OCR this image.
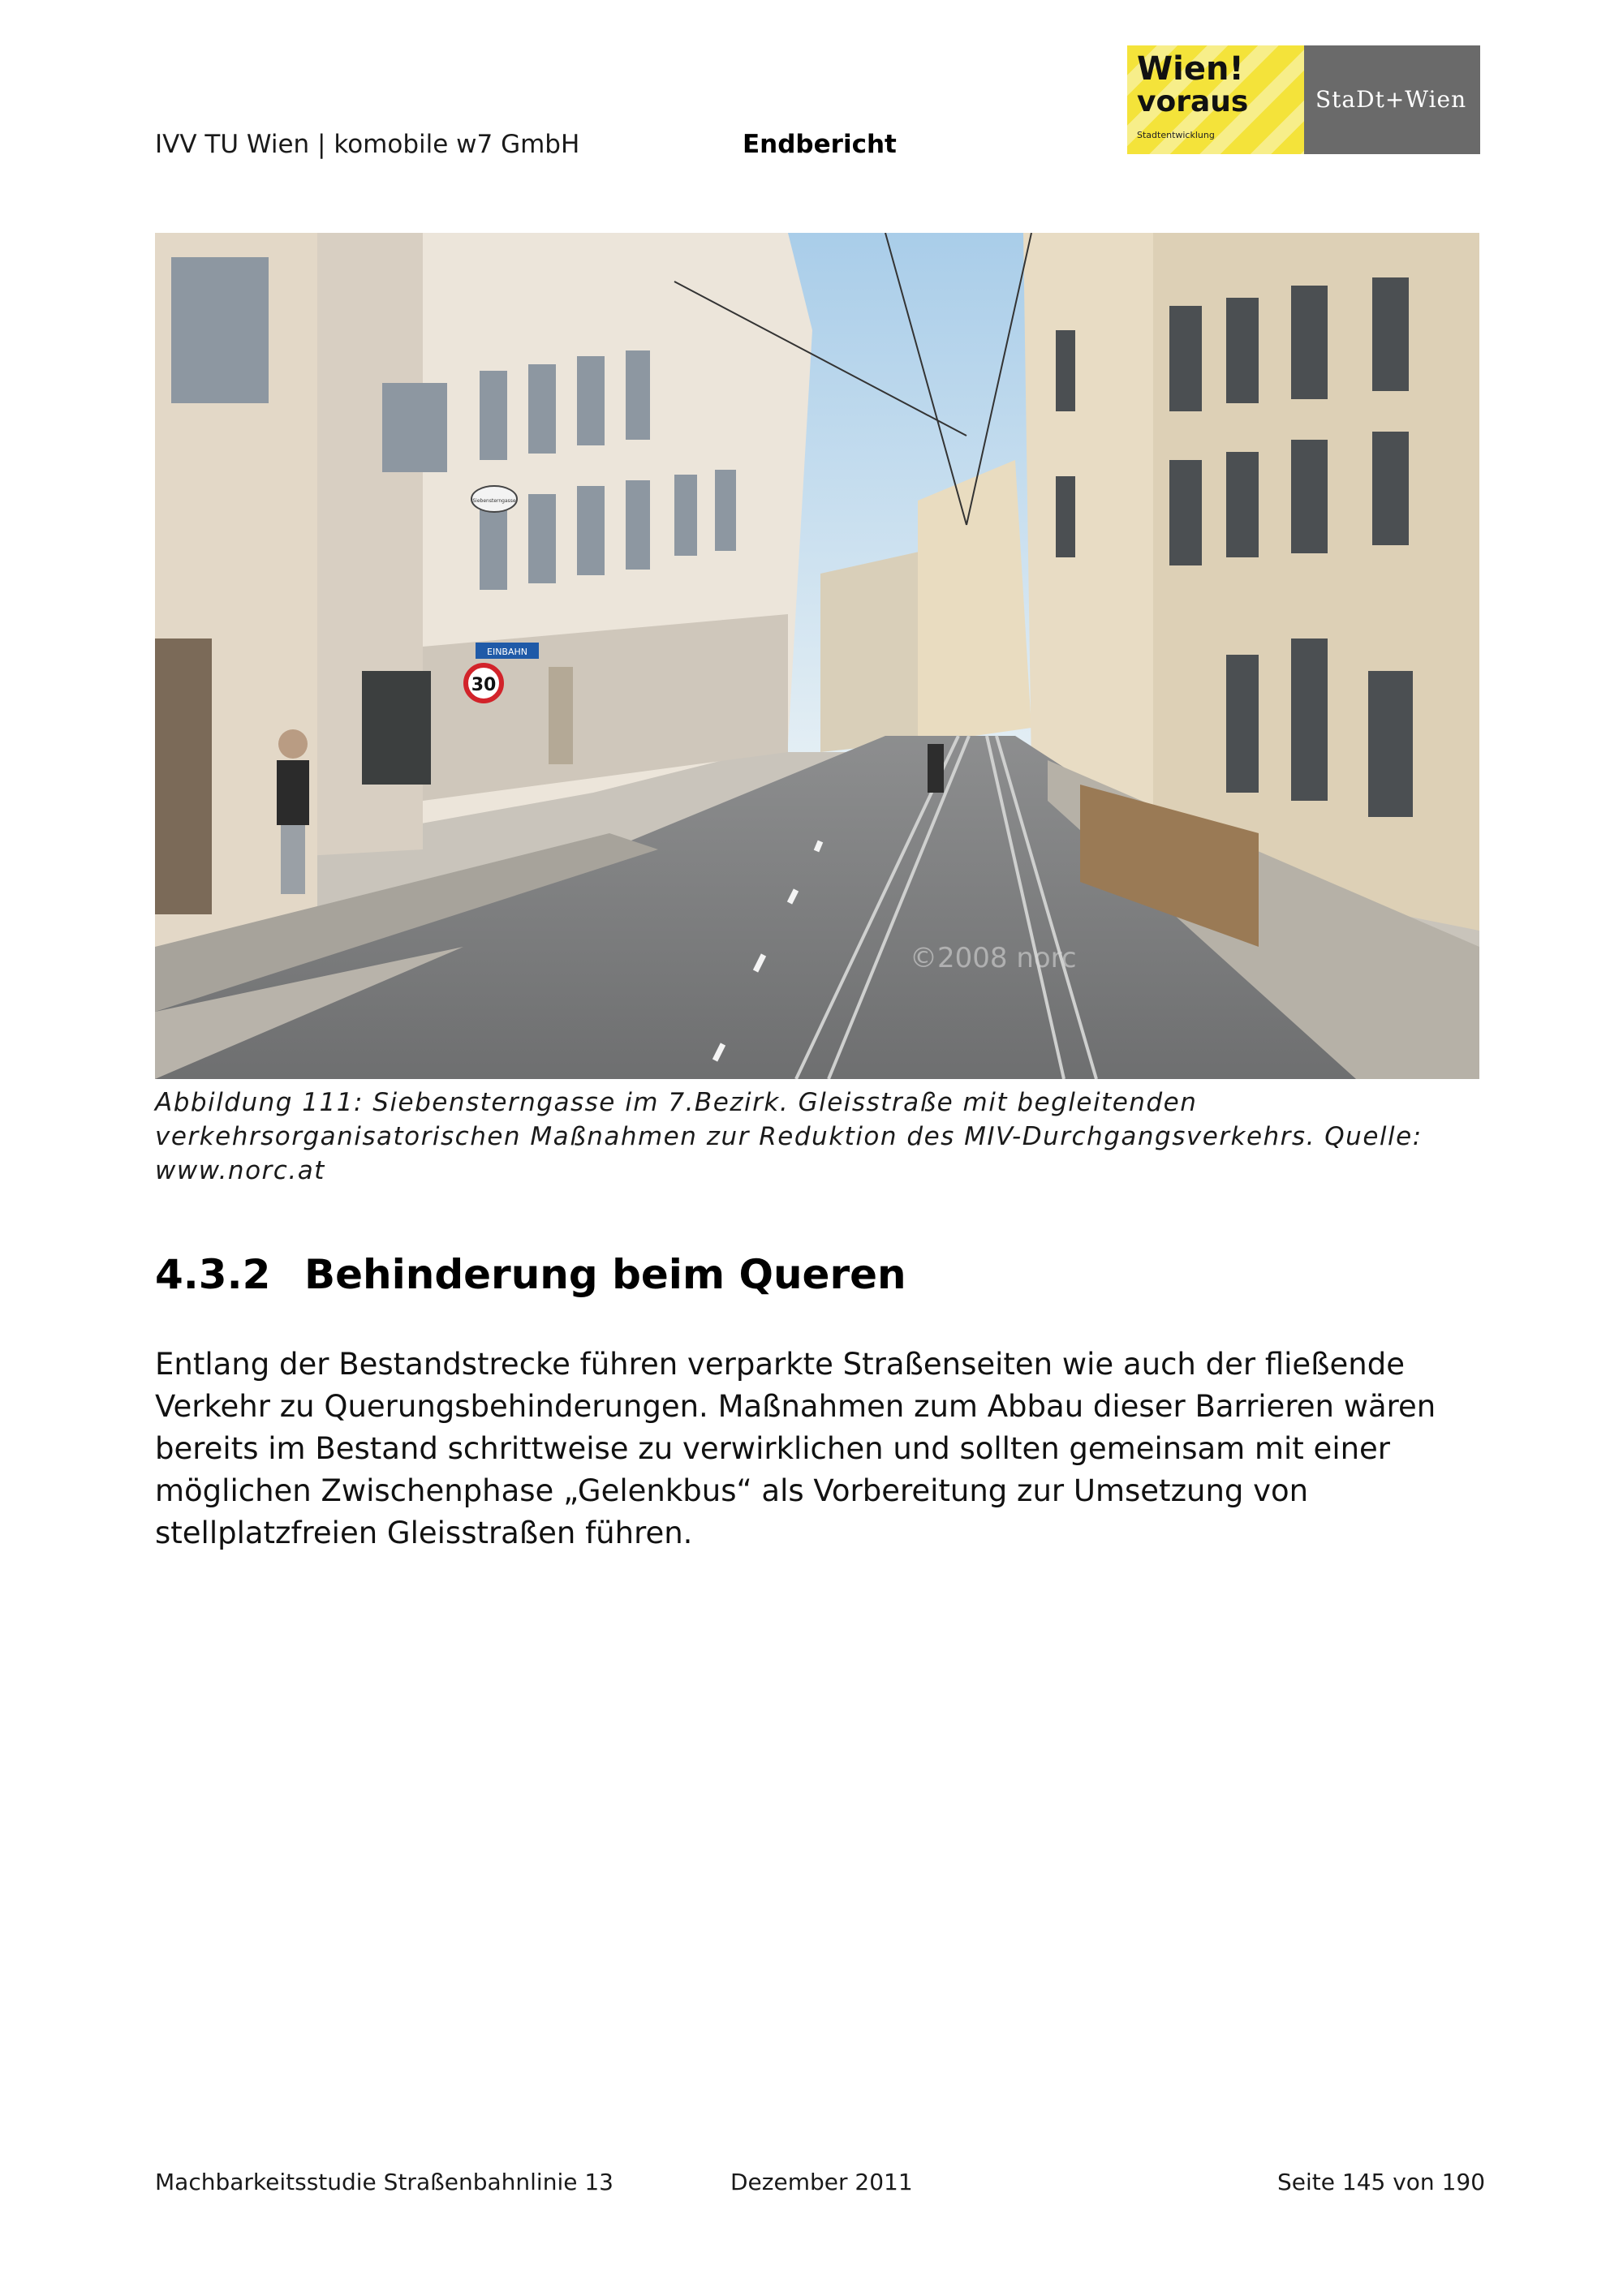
IVV TU Wien | komobile w7 GmbH	Endbericht
Wien!
voraus
Stadtentwicklung
StaDt+Wien
30
EINBAHN
Siebensterngasse
©2008 norc
Abbildung 111: Siebensterngasse im 7.Bezirk. Gleisstraße mit begleitenden
verkehrsorganisatorischen Maßnahmen zur Reduktion des MIV-Durchgangsverkehrs. Quelle:
www.norc.at
4.3.2 Behinderung beim Queren
Entlang der Bestandstrecke führen verparkte Straßenseiten wie auch der fließende
Verkehr zu Querungsbehinderungen. Maßnahmen zum Abbau dieser Barrieren wären
bereits im Bestand schrittweise zu verwirklichen und sollten gemeinsam mit einer
möglichen Zwischenphase „Gelenkbus“ als Vorbereitung zur Umsetzung von
stellplatzfreien Gleisstraßen führen.
Machbarkeitsstudie Straßenbahnlinie 13	Dezember 2011	Seite 145 von 190
